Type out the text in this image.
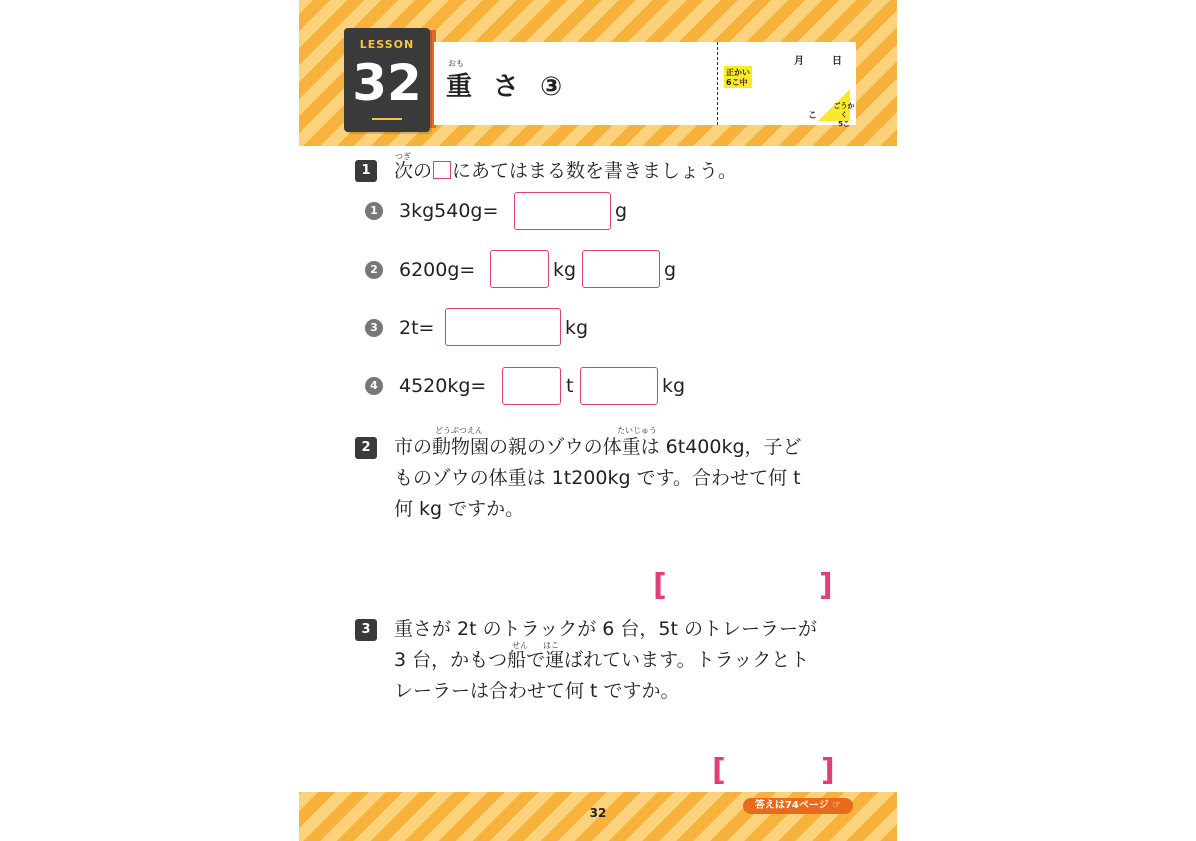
LESSON
32	おも
重 さ ③
月	日
正かい
6こ中
こ
ごうかく
5こ
1
つぎ
次の にあてはまる数を書きましょう。
1 3kg540g=	g
2 6200g=	kg	g
3 2t=	kg
4 4520kg=	t	kg
2
どうぶつえん	たいじゅう
市の動物園の親のゾウの体重は 6t400kg，子ど
ものゾウの体重は 1t200kg です。合わせて何 t
何 kg ですか。
[	]
3
せん はこ
重さが 2t のトラックが 6 台，5t のトレーラーが
3 台，かもつ船で運ばれています。トラックとト
レーラーは合わせて何 t ですか。
[	]
32
答えは74ページ ☞
